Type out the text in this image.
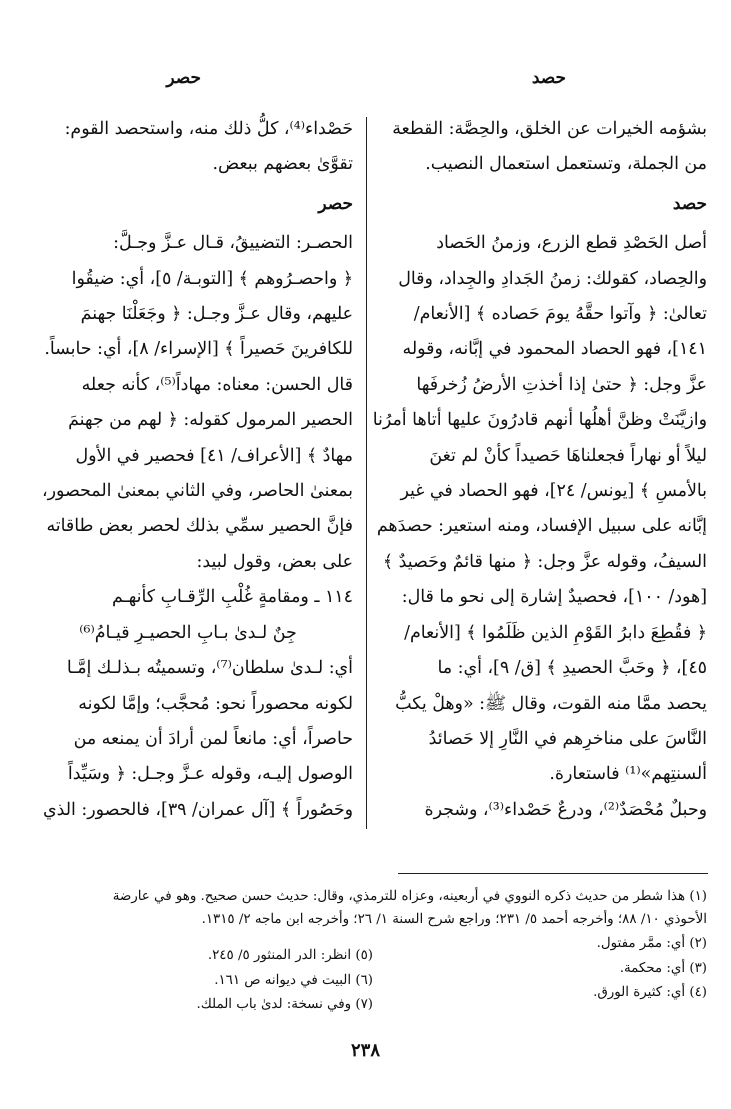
حصد
حصر

بشؤمه الخيرات عن الخلق، والحِصَّة: القطعة

من الجملة، وتستعمل استعمال النصيب.

حصد

أصل الحَصْدِ قطع الزرع، وزمنُ الحَصاد

والحِصاد، كقولك: زمنُ الجَدادِ والجِداد، وقال

تعالىٰ: ﴿ وآتوا حقَّهُ يومَ حَصاده ﴾ [الأنعام/

١٤١]، فهو الحصاد المحمود في إبَّانه، وقوله

عزَّ وجل: ﴿ حتىٰ إذا أخذتِ الأرضُ زُخرفَها

وازيَّنَتْ وظنَّ أهلُها أنهم قادرُونَ عليها أتاها أمرُنا

ليلاً أو نهاراً فجعلناهَا حَصيداً كأنْ لم تغنَ

بالأمسِ ﴾ [يونس/ ٢٤]، فهو الحصاد في غير

إبَّانه على سبيل الإفساد، ومنه استعير: حصدَهم

السيفُ، وقوله عزَّ وجل: ﴿ منها قائمٌ وحَصيدٌ ﴾

[هود/ ١٠٠]، فحصيدٌ إشارة إلى نحو ما قال:

﴿ فقُطِعَ دابرُ القَوْمِ الذين ظَلَمُوا ﴾ [الأنعام/

٤٥]، ﴿ وحَبَّ الحصيدِ ﴾ [ق/ ٩]، أي: ما

يحصد ممَّا منه القوت، وقال ﷺ: «وهلْ يكبُّ

النَّاسَ على مناخرِهم في النَّارِ إلا حَصائدُ

ألسنتِهم»⁽¹⁾ فاستعارة.

وحبلٌ مُحْصَدٌ⁽²⁾، ودرعٌ حَصْداء⁽³⁾، وشجرة

حَصْداء⁽⁴⁾، كلُّ ذلك منه، واستحصد القوم:

تقوَّىٰ بعضهم ببعض.

حصر

الحصـر: التضييقُ، قـال عـزَّ وجـلَّ:

﴿ واحصـرُوهم ﴾ [التوبـة/ ٥]، أي: ضيقُوا

عليهم، وقال عـزَّ وجـل: ﴿ وجَعَلْنَا جهنمَ

للكافرينَ حَصيراً ﴾ [الإسراء/ ٨]، أي: حابساً.

قال الحسن: معناه: مهاداً⁽⁵⁾، كأنه جعله

الحصير المرمول كقوله: ﴿ لهم من جهنمَ

مهادٌ ﴾ [الأعراف/ ٤١] فحصير في الأول

بمعنىٰ الحاصر، وفي الثاني بمعنىٰ المحصور،

فإنَّ الحصير سمِّي بذلك لحصر بعض طاقاته

على بعض، وقول لبيد:

١١٤ ـ ومقامةٍ غُلْبِ الرِّقـابِ كأنهـم

جِنٌ لـدىٰ بـابِ الحصيـرِ قيـامُ⁽⁶⁾

أي: لـدىٰ سلطان⁽⁷⁾، وتسميتُه بـذلـك إمَّـا

لكونه محصوراً نحو: مُحجَّب؛ وإمَّا لكونه

حاصراً، أي: مانعاً لمن أرادَ أن يمنعه من

الوصول إليـه، وقوله عـزَّ وجـل: ﴿ وسَيِّداً

وحَصُوراً ﴾ [آل عمران/ ٣٩]، فالحصور: الذي

(١) هذا شطر من حديث ذكره النووي في أربعينه، وعزاه للترمذي، وقال: حديث حسن صحيح. وهو في عارضة

الأحوذي ١٠/ ٨٨؛ وأخرجه أحمد ٥/ ٢٣١؛ وراجع شرح السنة ١/ ٢٦؛ وأخرجه ابن ماجه ٢/ ١٣١٥.

(٢) أي: ممَّر مفتول.

(٣) أي: محكمة.

(٤) أي: كثيرة الورق.

(٥) انظر: الدر المنثور ٥/ ٢٤٥.

(٦) البيت في ديوانه ص ١٦١.

(٧) وفي نسخة: لدىٰ باب الملك.

٢٣٨
